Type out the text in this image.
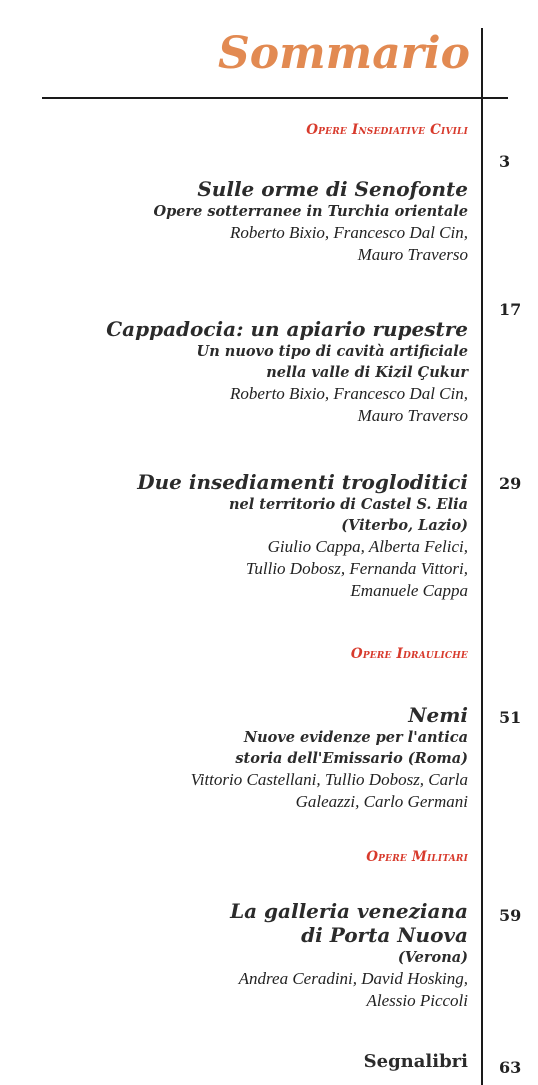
Sommario
Opere Insediative Civili
3
Sulle orme di Senofonte
Opere sotterranee in Turchia orientale
Roberto Bixio, Francesco Dal Cin,
Mauro Traverso
17
Cappadocia: un apiario rupestre
Un nuovo tipo di cavità artificiale
nella valle di Kizil Çukur
Roberto Bixio, Francesco Dal Cin,
Mauro Traverso
29
Due insediamenti trogloditici
nel territorio di Castel S. Elia
(Viterbo, Lazio)
Giulio Cappa, Alberta Felici,
Tullio Dobosz, Fernanda Vittori,
Emanuele Cappa
Opere Idrauliche
51
Nemi
Nuove evidenze per l'antica
storia dell'Emissario (Roma)
Vittorio Castellani, Tullio Dobosz, Carla
Galeazzi, Carlo Germani
Opere Militari
59
La galleria veneziana
di Porta Nuova
(Verona)
Andrea Ceradini, David Hosking,
Alessio Piccoli
63
Segnalibri
